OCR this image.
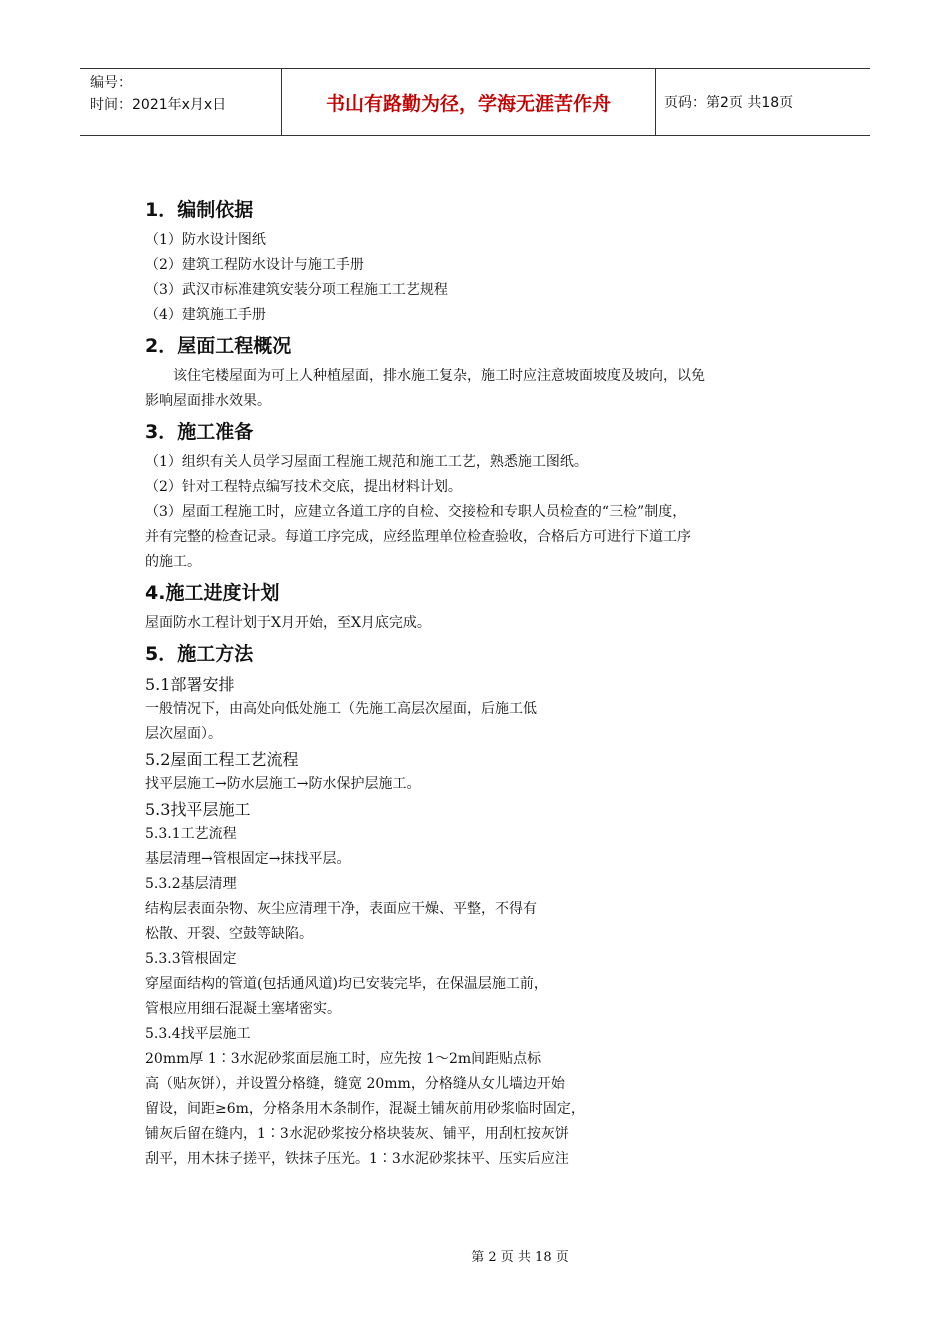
编号：
时间：2021年x月x日	书山有路勤为径，学海无涯苦作舟	页码：第2页 共18页
1．编制依据

（1）防水设计图纸

（2）建筑工程防水设计与施工手册

（3）武汉市标准建筑安装分项工程施工工艺规程

（4）建筑施工手册

2．屋面工程概况

该住宅楼屋面为可上人种植屋面，排水施工复杂，施工时应注意坡面坡度及坡向，以免

影响屋面排水效果。

3．施工准备

（1）组织有关人员学习屋面工程施工规范和施工工艺，熟悉施工图纸。

（2）针对工程特点编写技术交底，提出材料计划。

（3）屋面工程施工时，应建立各道工序的自检、交接检和专职人员检查的“三检”制度，

并有完整的检查记录。每道工序完成，应经监理单位检查验收，合格后方可进行下道工序

的施工。

4.施工进度计划

屋面防水工程计划于X月开始，至X月底完成。

5．施工方法

5.1部署安排

一般情况下，由高处向低处施工（先施工高层次屋面，后施工低

层次屋面）。

5.2屋面工程工艺流程

找平层施工→防水层施工→防水保护层施工。

5.3找平层施工

5.3.1工艺流程

基层清理→管根固定→抹找平层。

5.3.2基层清理

结构层表面杂物、灰尘应清理干净，表面应干燥、平整，不得有

松散、开裂、空鼓等缺陷。

5.3.3管根固定

穿屋面结构的管道(包括通风道)均已安装完毕，在保温层施工前，

管根应用细石混凝土塞堵密实。

5.3.4找平层施工

20mm厚 1∶3水泥砂浆面层施工时，应先按 1～2m间距贴点标

高（贴灰饼），并设置分格缝，缝宽 20mm，分格缝从女儿墙边开始

留设，间距≥6m，分格条用木条制作，混凝土铺灰前用砂浆临时固定，

铺灰后留在缝内，1∶3水泥砂浆按分格块装灰、铺平，用刮杠按灰饼

刮平，用木抹子搓平，铁抹子压光。1∶3水泥砂浆抹平、压实后应注

第 2 页 共 18 页
